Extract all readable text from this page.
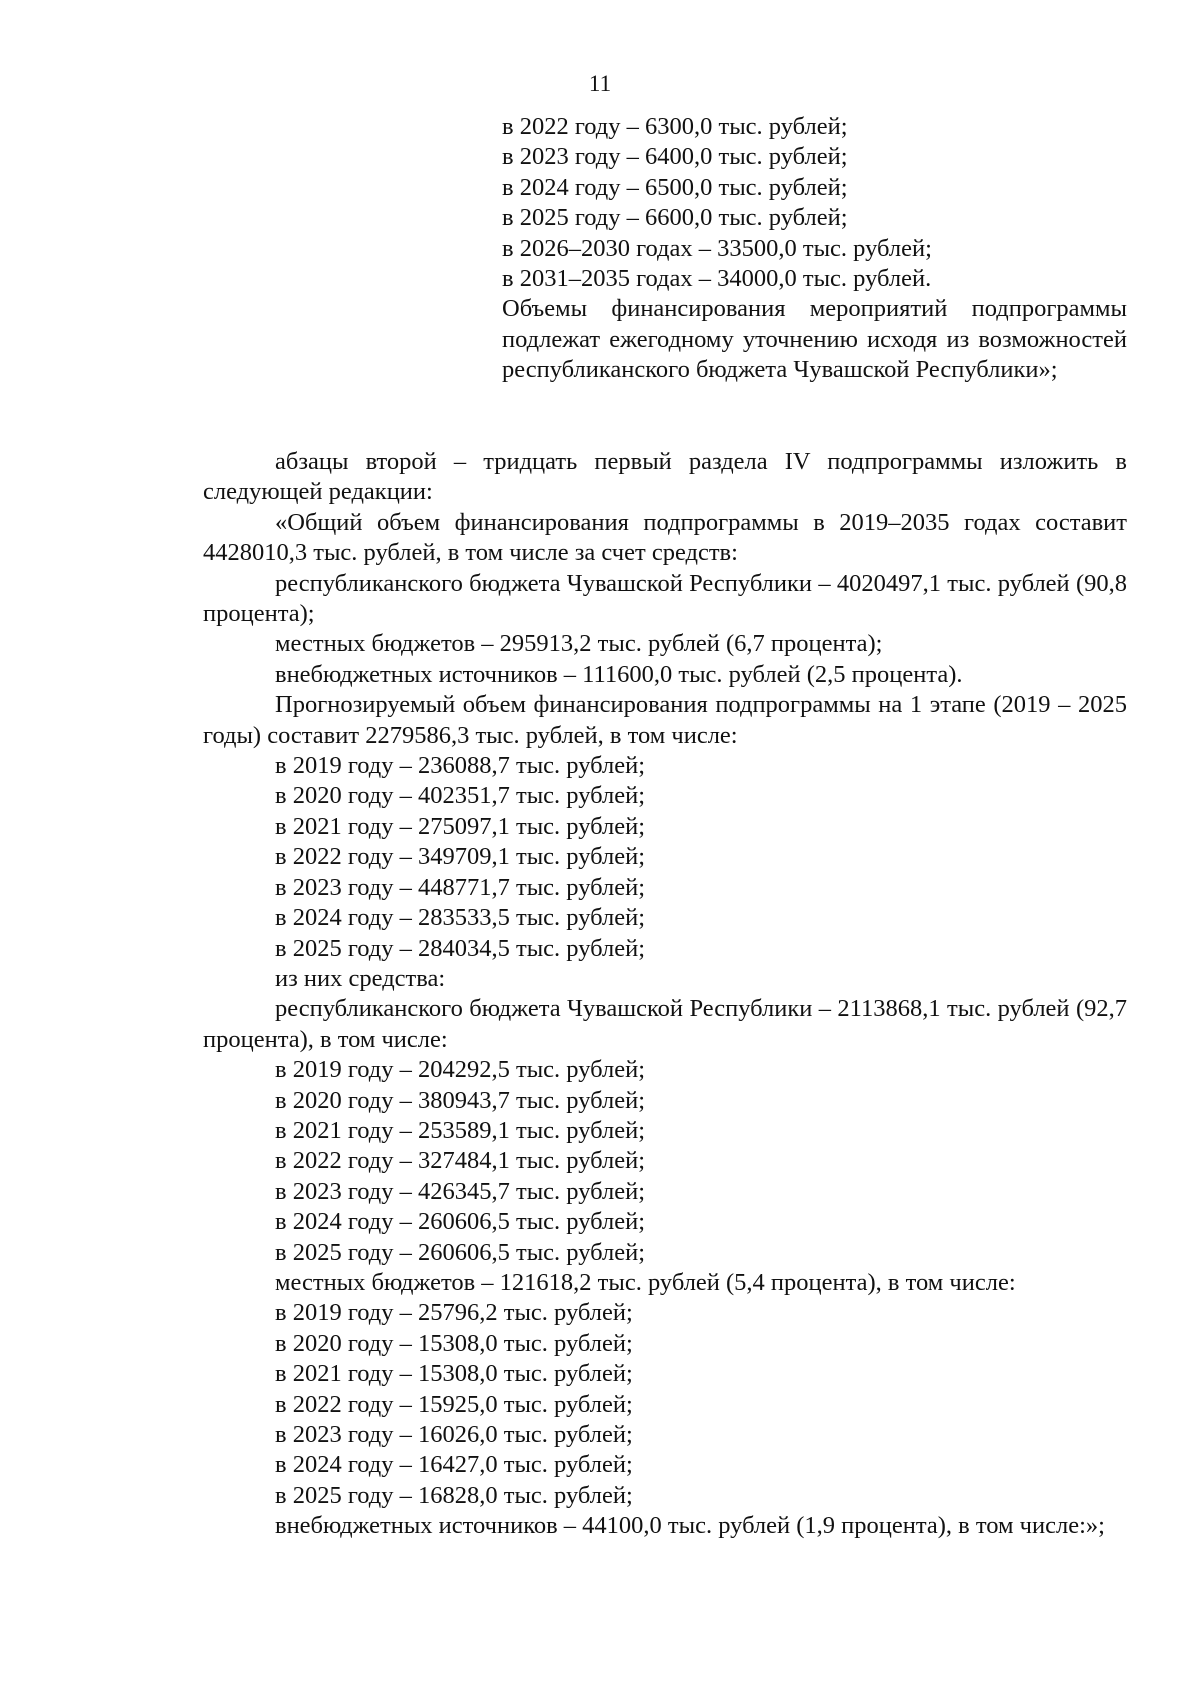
11
в 2022 году – 6300,0 тыс. рублей;
в 2023 году – 6400,0 тыс. рублей;
в 2024 году – 6500,0 тыс. рублей;
в 2025 году – 6600,0 тыс. рублей;
в 2026–2030 годах – 33500,0 тыс. рублей;
в 2031–2035 годах – 34000,0 тыс. рублей.
Объемы финансирования мероприятий подпрограммы подлежат ежегодному уточнению исходя из возможностей республиканского бюджета Чувашской Республики»;

абзацы второй – тридцать первый раздела IV подпрограммы изложить в следующей редакции:

«Общий объем финансирования подпрограммы в 2019–2035 годах составит 4428010,3 тыс. рублей, в том числе за счет средств:

республиканского бюджета Чувашской Республики – 4020497,1 тыс. рублей (90,8 процента);

местных бюджетов – 295913,2 тыс. рублей (6,7 процента);

внебюджетных источников – 111600,0 тыс. рублей (2,5 процента).

Прогнозируемый объем финансирования подпрограммы на 1 этапе (2019 – 2025 годы) составит 2279586,3 тыс. рублей, в том числе:

в 2019 году – 236088,7 тыс. рублей;

в 2020 году – 402351,7 тыс. рублей;

в 2021 году – 275097,1 тыс. рублей;

в 2022 году – 349709,1 тыс. рублей;

в 2023 году – 448771,7 тыс. рублей;

в 2024 году – 283533,5 тыс. рублей;

в 2025 году – 284034,5 тыс. рублей;

из них средства:

республиканского бюджета Чувашской Республики – 2113868,1 тыс. рублей (92,7 процента), в том числе:

в 2019 году – 204292,5 тыс. рублей;

в 2020 году – 380943,7 тыс. рублей;

в 2021 году – 253589,1 тыс. рублей;

в 2022 году – 327484,1 тыс. рублей;

в 2023 году – 426345,7 тыс. рублей;

в 2024 году – 260606,5 тыс. рублей;

в 2025 году – 260606,5 тыс. рублей;

местных бюджетов – 121618,2 тыс. рублей (5,4 процента), в том числе:

в 2019 году – 25796,2 тыс. рублей;

в 2020 году – 15308,0 тыс. рублей;

в 2021 году – 15308,0 тыс. рублей;

в 2022 году – 15925,0 тыс. рублей;

в 2023 году – 16026,0 тыс. рублей;

в 2024 году – 16427,0 тыс. рублей;

в 2025 году – 16828,0 тыс. рублей;

внебюджетных источников – 44100,0 тыс. рублей (1,9 процента), в том числе:»;
